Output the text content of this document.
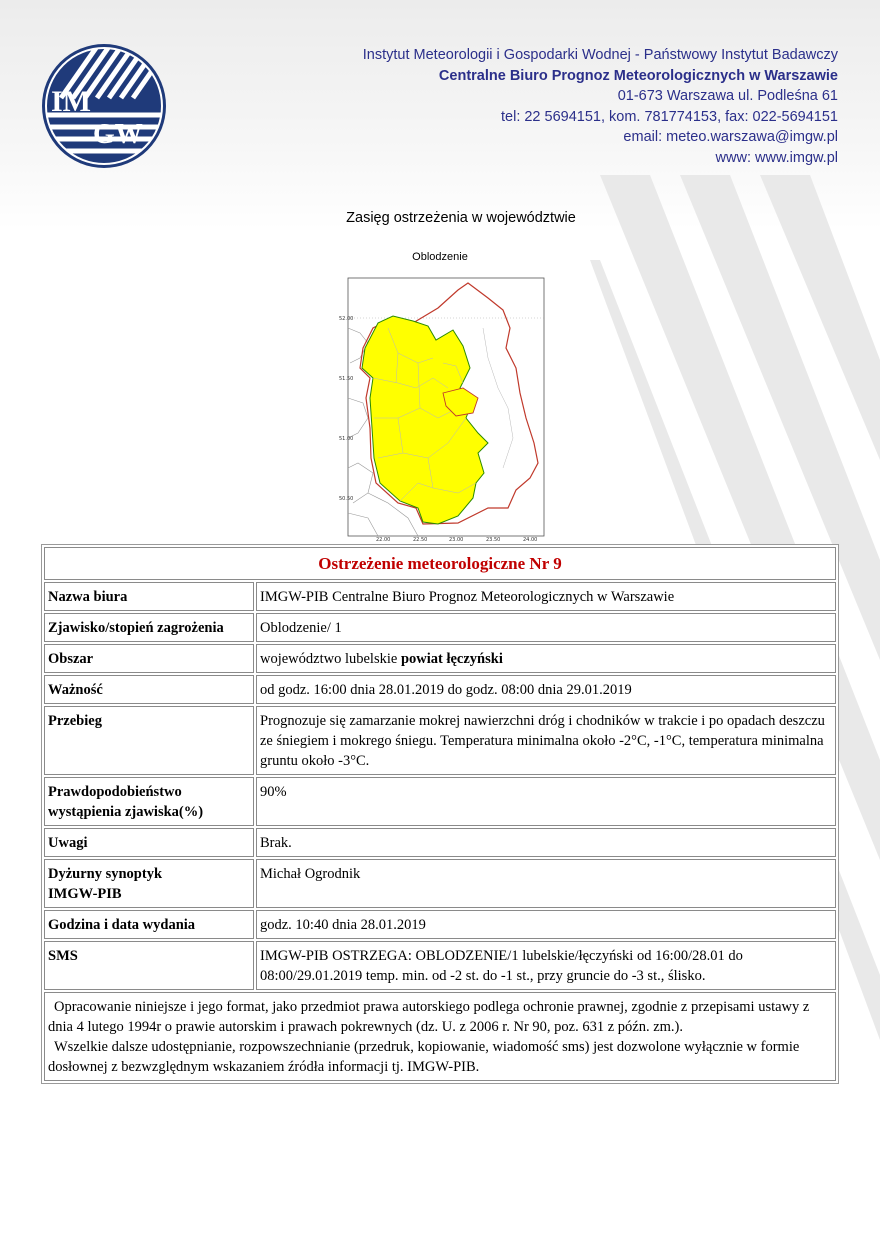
IM
GW
Instytut Meteorologii i Gospodarki Wodnej - Państwowy Instytut Badawczy
Centralne Biuro Prognoz Meteorologicznych w Warszawie
01-673 Warszawa ul. Podleśna 61
tel: 22 5694151, kom. 781774153, fax: 022-5694151
email: meteo.warszawa@imgw.pl
www: www.imgw.pl
Zasięg ostrzeżenia w województwie
Oblodzenie
52.00
51.50
51.00
50.50
22.00	22.50	23.00	23.50	24.00
Ostrzeżenie meteorologiczne Nr 9	
Nazwa biura	IMGW-PIB Centralne Biuro Prognoz Meteorologicznych w Warszawie
Zjawisko/stopień zagrożenia	Oblodzenie/ 1
Obszar	województwo lubelskie powiat łęczyński
Ważność	od godz. 16:00 dnia 28.01.2019 do godz. 08:00 dnia 29.01.2019
Przebieg	Prognozuje się zamarzanie mokrej nawierzchni dróg i chodników w trakcie i po opadach deszczu ze śniegiem i mokrego śniegu. Temperatura minimalna około -2°C, -1°C, temperatura minimalna gruntu około -3°C.
Prawdopodobieństwo
wystąpienia zjawiska(%)	90%
Uwagi	Brak.
Dyżurny synoptyk
IMGW-PIB	Michał Ogrodnik
Godzina i data wydania	godz. 10:40 dnia 28.01.2019
SMS	IMGW-PIB OSTRZEGA: OBLODZENIE/1 lubelskie/łęczyński od 16:00/28.01 do 08:00/29.01.2019 temp. min. od -2 st. do -1 st., przy gruncie do -3 st., ślisko.

Opracowanie niniejsze i jego format, jako przedmiot prawa autorskiego podlega ochronie prawnej, zgodnie z przepisami ustawy z dnia 4 lutego 1994r o prawie autorskim i prawach pokrewnych (dz. U. z 2006 r. Nr 90, poz. 631 z późn. zm.).

Wszelkie dalsze udostępnianie, rozpowszechnianie (przedruk, kopiowanie, wiadomość sms) jest dozwolone wyłącznie w formie dosłownej z bezwzględnym wskazaniem źródła informacji tj. IMGW-PIB.	
